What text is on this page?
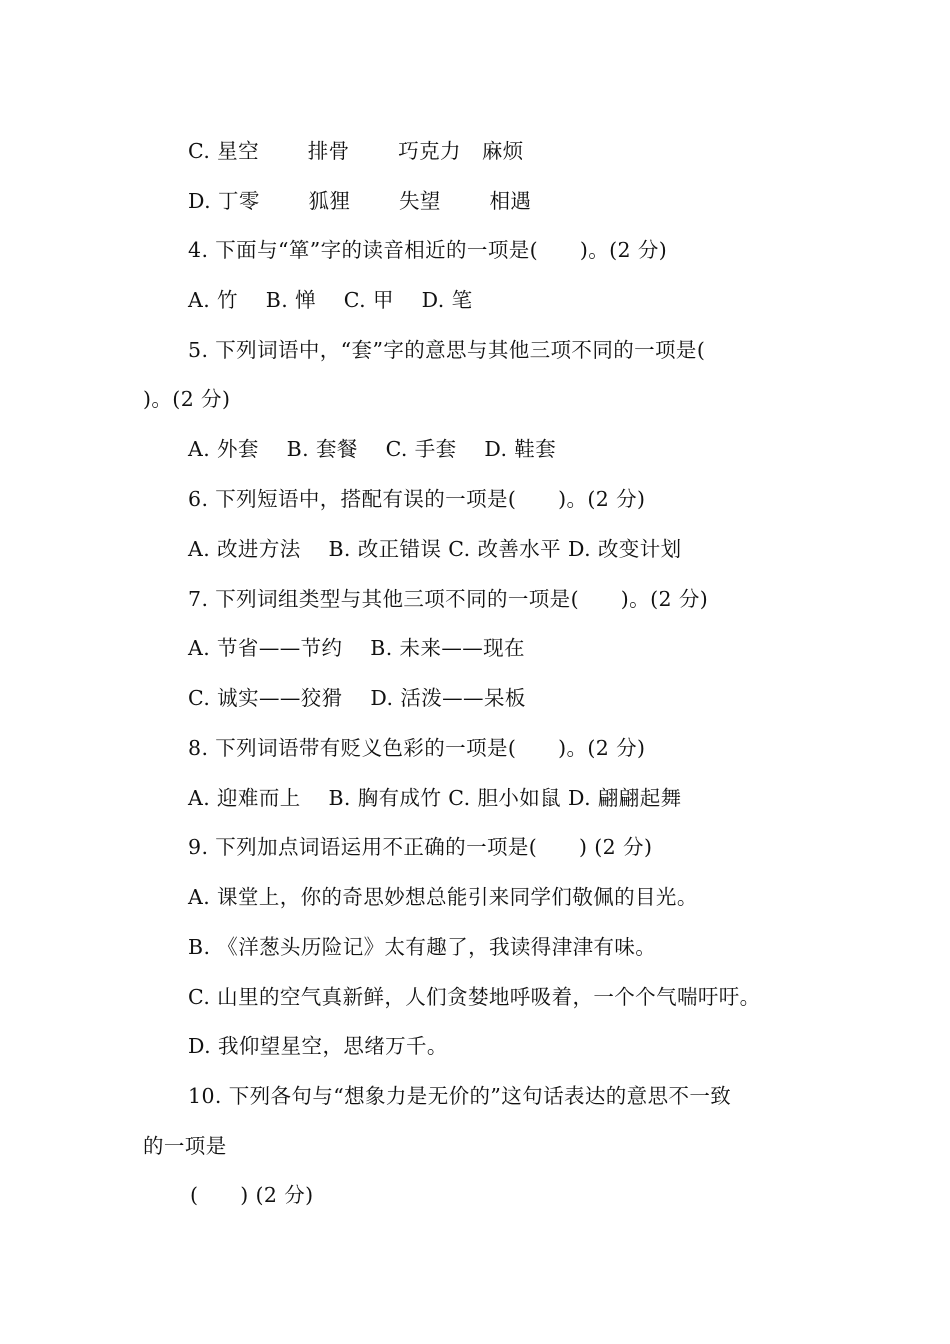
C. 星空　　 排骨　　 巧克力　麻烦
D. 丁零　　 狐狸　　 失望　　 相遇
4. 下面与“箪”字的读音相近的一项是(　　)。(2 分)
A. 竹　 B. 惮　 C. 甲　 D. 笔
5. 下列词语中，“套”字的意思与其他三项不同的一项是(
)。(2 分)
A. 外套　 B. 套餐　 C. 手套　 D. 鞋套
6. 下列短语中，搭配有误的一项是(　　)。(2 分)
A. 改进方法　 B. 改正错误 C. 改善水平 D. 改变计划
7. 下列词组类型与其他三项不同的一项是(　　)。(2 分)
A. 节省——节约　 B. 未来——现在
C. 诚实——狡猾　 D. 活泼——呆板
8. 下列词语带有贬义色彩的一项是(　　)。(2 分)
A. 迎难而上　 B. 胸有成竹 C. 胆小如鼠 D. 翩翩起舞
9. 下列加点词语运用不正确的一项是(　　) (2 分)
A. 课堂上，你的奇思妙想总能引来同学们敬佩的目光。
B. 《洋葱头历险记》太有趣了，我读得津津有味。
C. 山里的空气真新鲜，人们贪婪地呼吸着，一个个气喘吁吁。
D. 我仰望星空，思绪万千。
10. 下列各句与“想象力是无价的”这句话表达的意思不一致
的一项是
(　　) (2 分)
